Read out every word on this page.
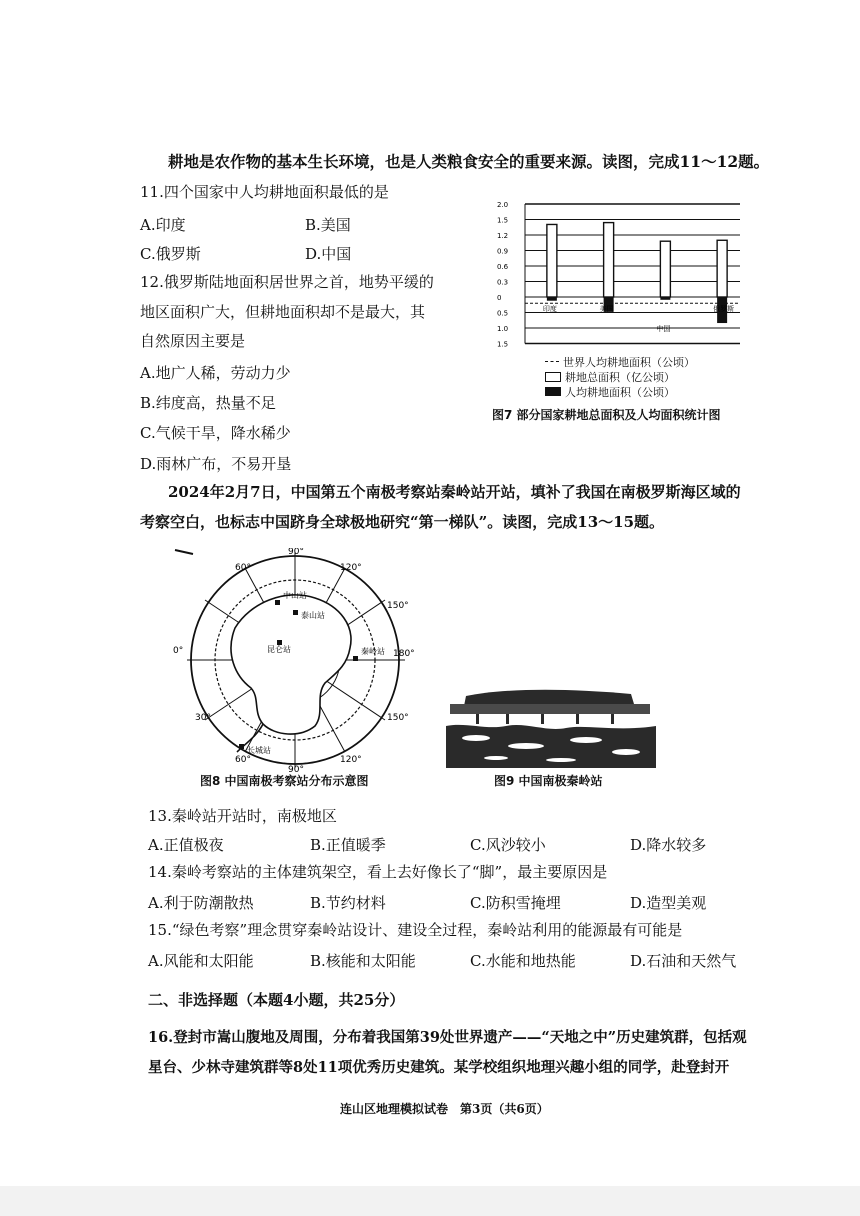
耕地是农作物的基本生长环境，也是人类粮食安全的重要来源。读图，完成11～12题。
11.四个国家中人均耕地面积最低的是
A.印度	B.美国
C.俄罗斯	D.中国
12.俄罗斯陆地面积居世界之首，地势平缓的
地区面积广大，但耕地面积却不是最大，其
自然原因主要是
A.地广人稀，劳动力少
B.纬度高，热量不足
C.气候干旱，降水稀少
D.雨林广布，不易开垦
2.0
1.5
1.2
0.9
0.6
0.3
0
0.5
1.0
1.5
印度	美国
中国
俄罗斯
世界人均耕地面积（公顷）
耕地总面积（亿公顷）
人均耕地面积（公顷）
图7 部分国家耕地总面积及人均面积统计图
2024年2月7日，中国第五个南极考察站秦岭站开站，填补了我国在南极罗斯海区域的
考察空白，也标志中国跻身全球极地研究“第一梯队”。读图，完成13～15题。
90°
60°	120°
150°
0°	180°
30°	150°
90°
60°	120°
中山站
泰山站
昆仑站	秦岭站
长城站
图8 中国南极考察站分布示意图	图9 中国南极秦岭站
13.秦岭站开站时，南极地区
A.正值极夜	B.正值暖季	C.风沙较小	D.降水较多
14.秦岭考察站的主体建筑架空，看上去好像长了“脚”，最主要原因是
A.利于防潮散热	B.节约材料	C.防积雪掩埋	D.造型美观
15.“绿色考察”理念贯穿秦岭站设计、建设全过程，秦岭站利用的能源最有可能是
A.风能和太阳能	B.核能和太阳能	C.水能和地热能	D.石油和天然气
二、非选择题（本题4小题，共25分）
16.登封市嵩山腹地及周围，分布着我国第39处世界遗产——“天地之中”历史建筑群，包括观
星台、少林寺建筑群等8处11项优秀历史建筑。某学校组织地理兴趣小组的同学，赴登封开
连山区地理模拟试卷　第3页（共6页）
